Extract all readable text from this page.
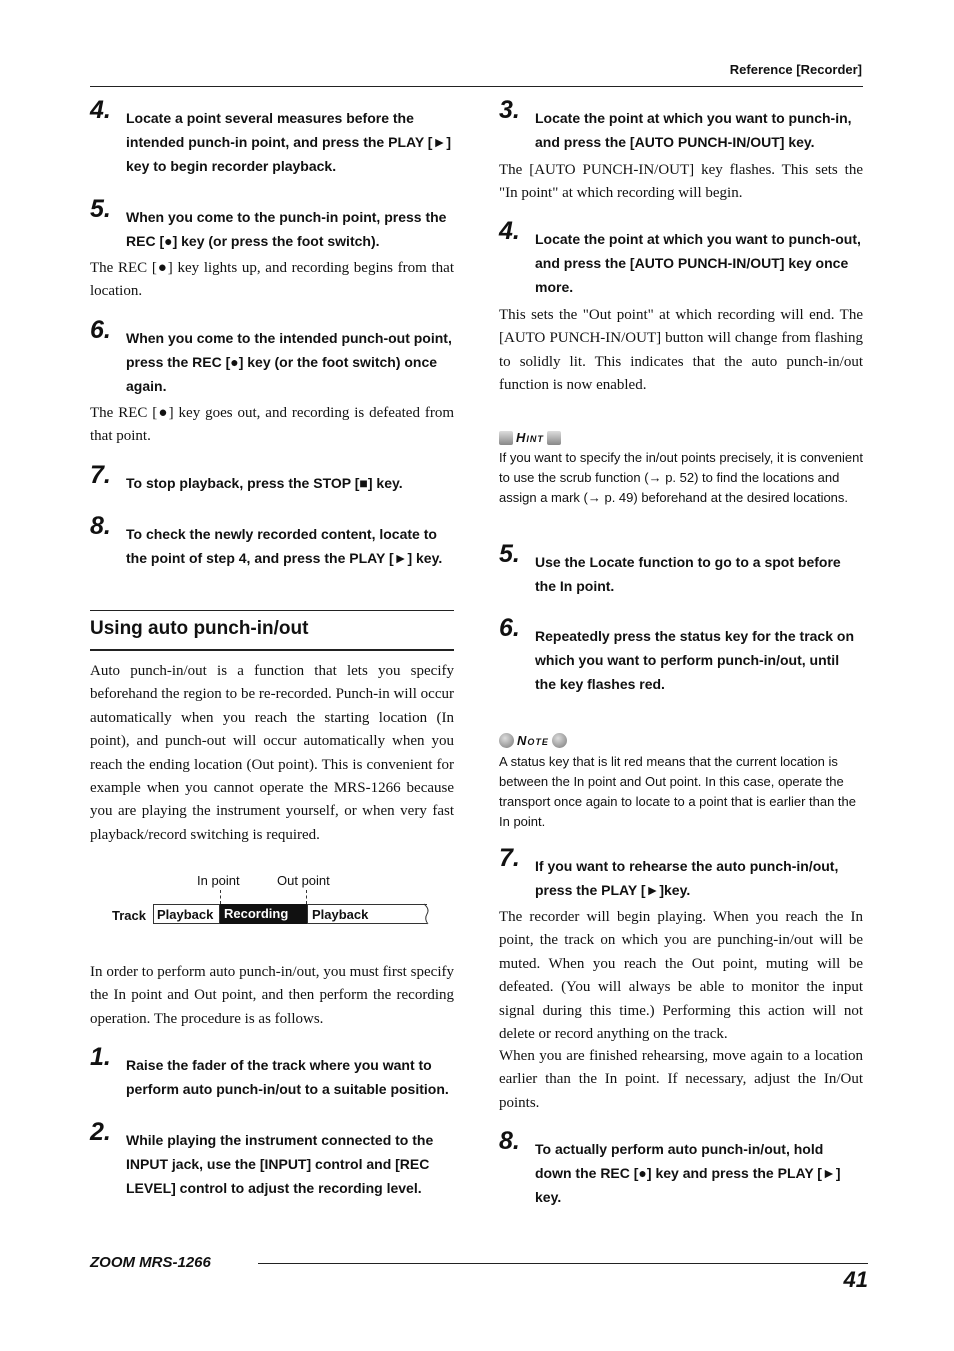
Reference [Recorder]
4.	Locate a point several measures before the intended punch-in point, and press the PLAY [►] key to begin recorder playback.
5.	When you come to the punch-in point, press the REC [●] key (or press the foot switch).
The REC [●] key lights up, and recording begins from that location.
6.	When you come to the intended punch-out point, press the REC [●] key (or the foot switch) once again.
The REC [●] key goes out, and recording is defeated from that point.
7.	To stop playback, press the STOP [■] key.
8.	To check the newly recorded content, locate to the point of step 4, and press the PLAY [►] key.
Using auto punch-in/out
Auto punch-in/out is a function that lets you specify beforehand the region to be re-recorded. Punch-in will occur automatically when you reach the starting location (In point), and punch-out will occur automatically when you reach the ending location (Out point). This is convenient for example when you cannot operate the MRS-1266 because you are playing the instrument yourself, or when very fast playback/record switching is required.
In point	Out point
Track Playback Recording	Playback
In order to perform auto punch-in/out, you must first specify the In point and Out point, and then perform the recording operation. The procedure is as follows.
1.	Raise the fader of the track where you want to perform auto punch-in/out to a suitable position.
2.	While playing the instrument connected to the INPUT jack, use the [INPUT] control and [REC LEVEL] control to adjust the recording level.
3.	Locate the point at which you want to punch-in, and press the [AUTO PUNCH-IN/OUT] key.
The [AUTO PUNCH-IN/OUT] key flashes. This sets the "In point" at which recording will begin.
4.	Locate the point at which you want to punch-out, and press the [AUTO PUNCH-IN/OUT] key once more.
This sets the "Out point" at which recording will end. The [AUTO PUNCH-IN/OUT] button will change from flashing to solidly lit. This indicates that the auto punch-in/out function is now enabled.
Hint
If you want to specify the in/out points precisely, it is convenient to use the scrub function (→ p. 52) to find the locations and assign a mark (→ p. 49) beforehand at the desired locations.
5.	Use the Locate function to go to a spot before the In point.
6.	Repeatedly press the status key for the track on which you want to perform punch-in/out, until the key flashes red.
Note
A status key that is lit red means that the current location is between the In point and Out point. In this case, operate the transport once again to locate to a point that is earlier than the In point.
7.	If you want to rehearse the auto punch-in/out, press the PLAY [►]key.
The recorder will begin playing. When you reach the In point, the track on which you are punching-in/out will be muted. When you reach the Out point, muting will be defeated. (You will always be able to monitor the input signal during this time.) Performing this action will not delete or record anything on the track.
When you are finished rehearsing, move again to a location earlier than the In point. If necessary, adjust the In/Out points.
8.	To actually perform auto punch-in/out, hold down the REC [●] key and press the PLAY [►] key.
ZOOM MRS-1266
41
